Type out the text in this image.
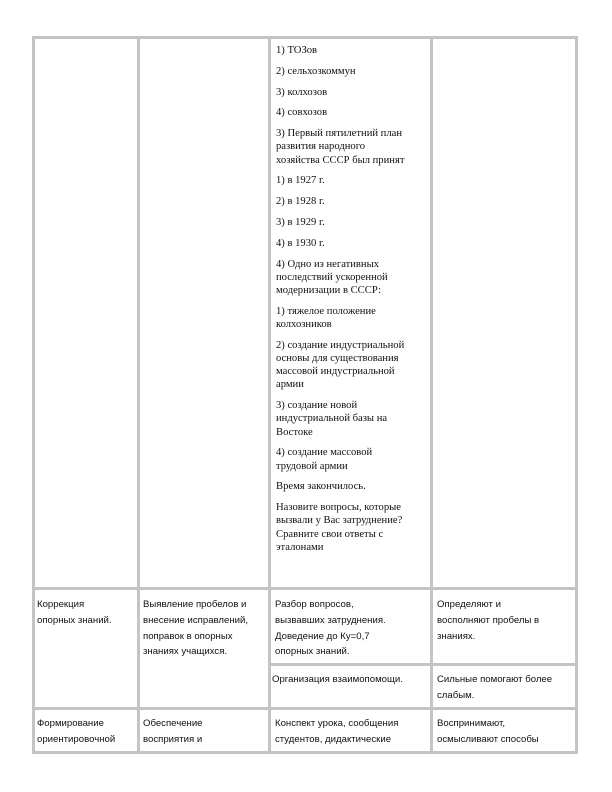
1) ТОЗов

2) сельхозкоммун

3) колхозов

4) совхозов

3) Первый пятилетний план
развития народного
хозяйства СССР был принят

1) в 1927 г.

2) в 1928 г.

3) в 1929 г.

4) в 1930 г.

4) Одно из негативных
последствий ускоренной
модернизации в СССР:

1) тяжелое положение
колхозников

2) создание индустриальной
основы для существования
массовой индустриальной
армии

3) создание новой
индустриальной базы на
Востоке

4) создание массовой
трудовой армии

Время закончилось.

Назовите вопросы, которые
вызвали у Вас затруднение?
Сравните свои ответы с
эталонами

Коррекция
опорных знаний.
Выявление пробелов и
внесение исправлений,
поправок в опорных
знаниях учащихся.
Разбор вопросов,
вызвавших затруднения.
Доведение до Ку=0,7
опорных знаний.
Определяют и
восполняют пробелы в
знаниях.
Организация взаимопомощи.	Сильные помогают более
слабым.
Формирование
ориентировочной
Обеспечение
восприятия и
Конспект урока, сообщения
студентов, дидактические
Воспринимают,
осмысливают способы
